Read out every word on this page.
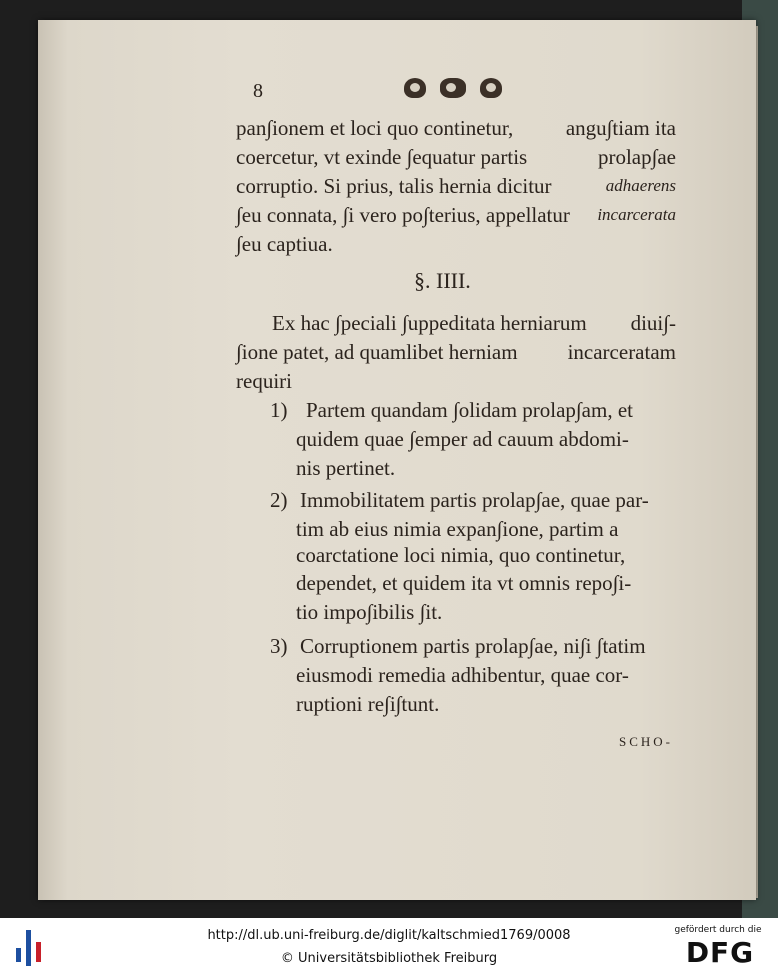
8
pan∫ionem et loci quo continetur,	angu∫tiam ita
coercetur, vt exinde ∫equatur partis	prolap∫ae
corruptio. Si prius, talis hernia dicitur	adhaerens
∫eu connata, ∫i vero po∫terius, appellatur incarcerata
∫eu captiua.
§. IIII.
Ex hac ∫peciali ∫uppeditata herniarum diui∫-
∫ione patet, ad quamlibet herniam incarceratam
requiri
1) Partem quandam ∫olidam prolap∫am, et
quidem quae ∫emper ad cauum abdomi-
nis pertinet.
2) Immobilitatem partis prolap∫ae, quae par-
tim ab eius nimia expan∫ione, partim a
coarctatione loci nimia, quo continetur,
dependet, et quidem ita vt omnis repo∫i-
tio impo∫ibilis ∫it.
3) Corruptionem partis prolap∫ae, ni∫i ∫tatim
eiusmodi remedia adhibentur, quae cor-
ruptioni re∫i∫tunt.
SCHO-
http://dl.ub.uni-freiburg.de/diglit/kaltschmied1769/0008
© Universitätsbibliothek Freiburg
gefördert durch die
DFG
